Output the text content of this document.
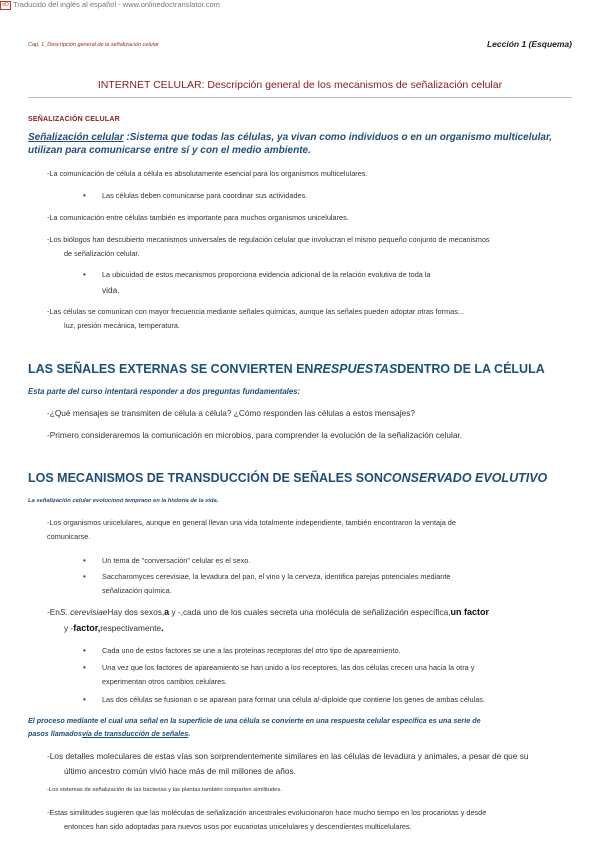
oD Traducido del inglés al español - www.onlinedoctranslator.com
Cap. 1_Descripción general de la señalización celular	Lección 1 (Esquema)
INTERNET CELULAR: Descripción general de los mecanismos de señalización celular
SEÑALIZACIÓN CELULAR
Señalización celular :Sistema que todas las células, ya vivan como individuos o en un organismo multicelular, utilizan para comunicarse entre sí y con el medio ambiente.
-La comunicación de célula a célula es absolutamente esencial para los organismos multicelulares.
• Las células deben comunicarse para coordinar sus actividades.
-La comunicación entre células también es importante para muchos organismos unicelulares.
-Los biólogos han descubierto mecanismos universales de regulación celular que involucran el mismo pequeño conjunto de mecanismos
de señalización celular.
• La ubicuidad de estos mecanismos proporciona evidencia adicional de la relación evolutiva de toda la
vida.
-Las células se comunican con mayor frecuencia mediante señales químicas, aunque las señales pueden adoptar otras formas...
luz, presión mecánica, temperatura.
LAS SEÑALES EXTERNAS SE CONVIERTEN ENRESPUESTASDENTRO DE LA CÉLULA
Esta parte del curso intentará responder a dos preguntas fundamentales:
-¿Qué mensajes se transmiten de célula a célula? ¿Cómo responden las células a estos mensajes?
-Primero consideraremos la comunicación en microbios, para comprender la evolución de la señalización celular.
LOS MECANISMOS DE TRANSDUCCIÓN DE SEÑALES SONCONSERVADO EVOLUTIVO
La señalización celular evolucionó temprano en la historia de la vida.
-Los organismos unicelulares, aunque en general llevan una vida totalmente independiente, también encontraron la ventaja de
comunicarse.
• Un tema de "conversación" celular es el sexo.
• Saccharomyces cerevisiae, la levadura del pan, el vino y la cerveza, identifica parejas potenciales mediante
señalización química.
-EnS. cerevisiaeHay dos sexos,a y -,cada uno de los cuales secreta una molécula de señalización específica,un factor
y -factor,respectivamente.
• Cada uno de estos factores se une a las proteínas receptoras del otro tipo de apareamiento.
• Una vez que los factores de apareamiento se han unido a los receptores, las dos células crecen una hacia la otra y
experimentan otros cambios celulares.
• Las dos células se fusionan o se aparean para formar una célula a/-diploide que contiene los genes de ambas células.
El proceso mediante el cual una señal en la superficie de una célula se convierte en una respuesta celular específica es una serie de
pasos llamadosvía de transducción de señales.
-Los detalles moleculares de estas vías son sorprendentemente similares en las células de levadura y animales, a pesar de que su
último ancestro común vivió hace más de mil millones de años.
-Los sistemas de señalización de las bacterias y las plantas también comparten similitudes.
-Estas similitudes sugieren que las moléculas de señalización ancestrales evolucionaron hace mucho tiempo en los procariotas y desde
entonces han sido adoptadas para nuevos usos por eucariotas unicelulares y descendientes multicelulares.
